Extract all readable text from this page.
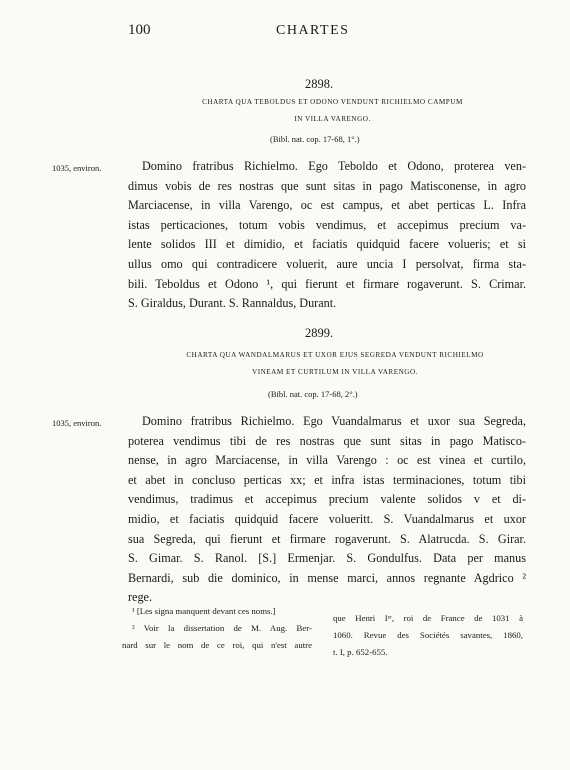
100	CHARTES
2898.
CHARTA QUA TEBOLDUS ET ODONO VENDUNT RICHIELMO CAMPUM
IN VILLA VARENGO.
(Bibl. nat. cop. 17-68, 1°.)
1035, environ.	Domino fratribus Richielmo. Ego Teboldo et Odono, proterea ven-
dimus vobis de res nostras que sunt sitas in pago Matisconense, in agro
Marciacense, in villa Varengo, oc est campus, et abet perticas L. Infra
istas perticaciones, totum vobis vendimus, et accepimus precium va-
lente solidos III et dimidio, et faciatis quidquid facere volueris; et si
ullus omo qui contradicere voluerit, aure uncia I persolvat, firma sta-
bili. Teboldus et Odono ¹, qui fierunt et firmare rogaverunt. S. Crimar.
S. Giraldus, Durant. S. Rannaldus, Durant.
2899.
CHARTA QUA WANDALMARUS ET UXOR EJUS SEGREDA VENDUNT RICHIELMO
VINEAM ET CURTILUM IN VILLA VARENGO.
(Bibl. nat. cop. 17-68, 2°.)
1035, environ.	Domino fratribus Richielmo. Ego Vuandalmarus et uxor sua Segreda,
poterea vendimus tibi de res nostras que sunt sitas in pago Matisco-
nense, in agro Marciacense, in villa Varengo : oc est vinea et curtilo,
et abet in concluso perticas xx; et infra istas terminaciones, totum tibi
vendimus, tradimus et accepimus precium valente solidos v et di-
midio, et faciatis quidquid facere volueritt. S. Vuandalmarus et uxor
sua Segreda, qui fierunt et firmare rogaverunt. S. Alatrucda. S. Girar.
S. Gimar. S. Ranol. [S.] Ermenjar. S. Gondulfus. Data per manus
Bernardi, sub die dominico, in mense marci, annos regnante Agdrico ²
rege.
¹ [Les signa manquent devant ces noms.]
² Voir la dissertation de M. Aug. Ber-
nard sur le nom de ce roi, qui n'est autre
que Henri Iᵉʳ, roi de France de 1031 à
1060. Revue des Sociétés savantes, 1860,
t. I, p. 652-655.
